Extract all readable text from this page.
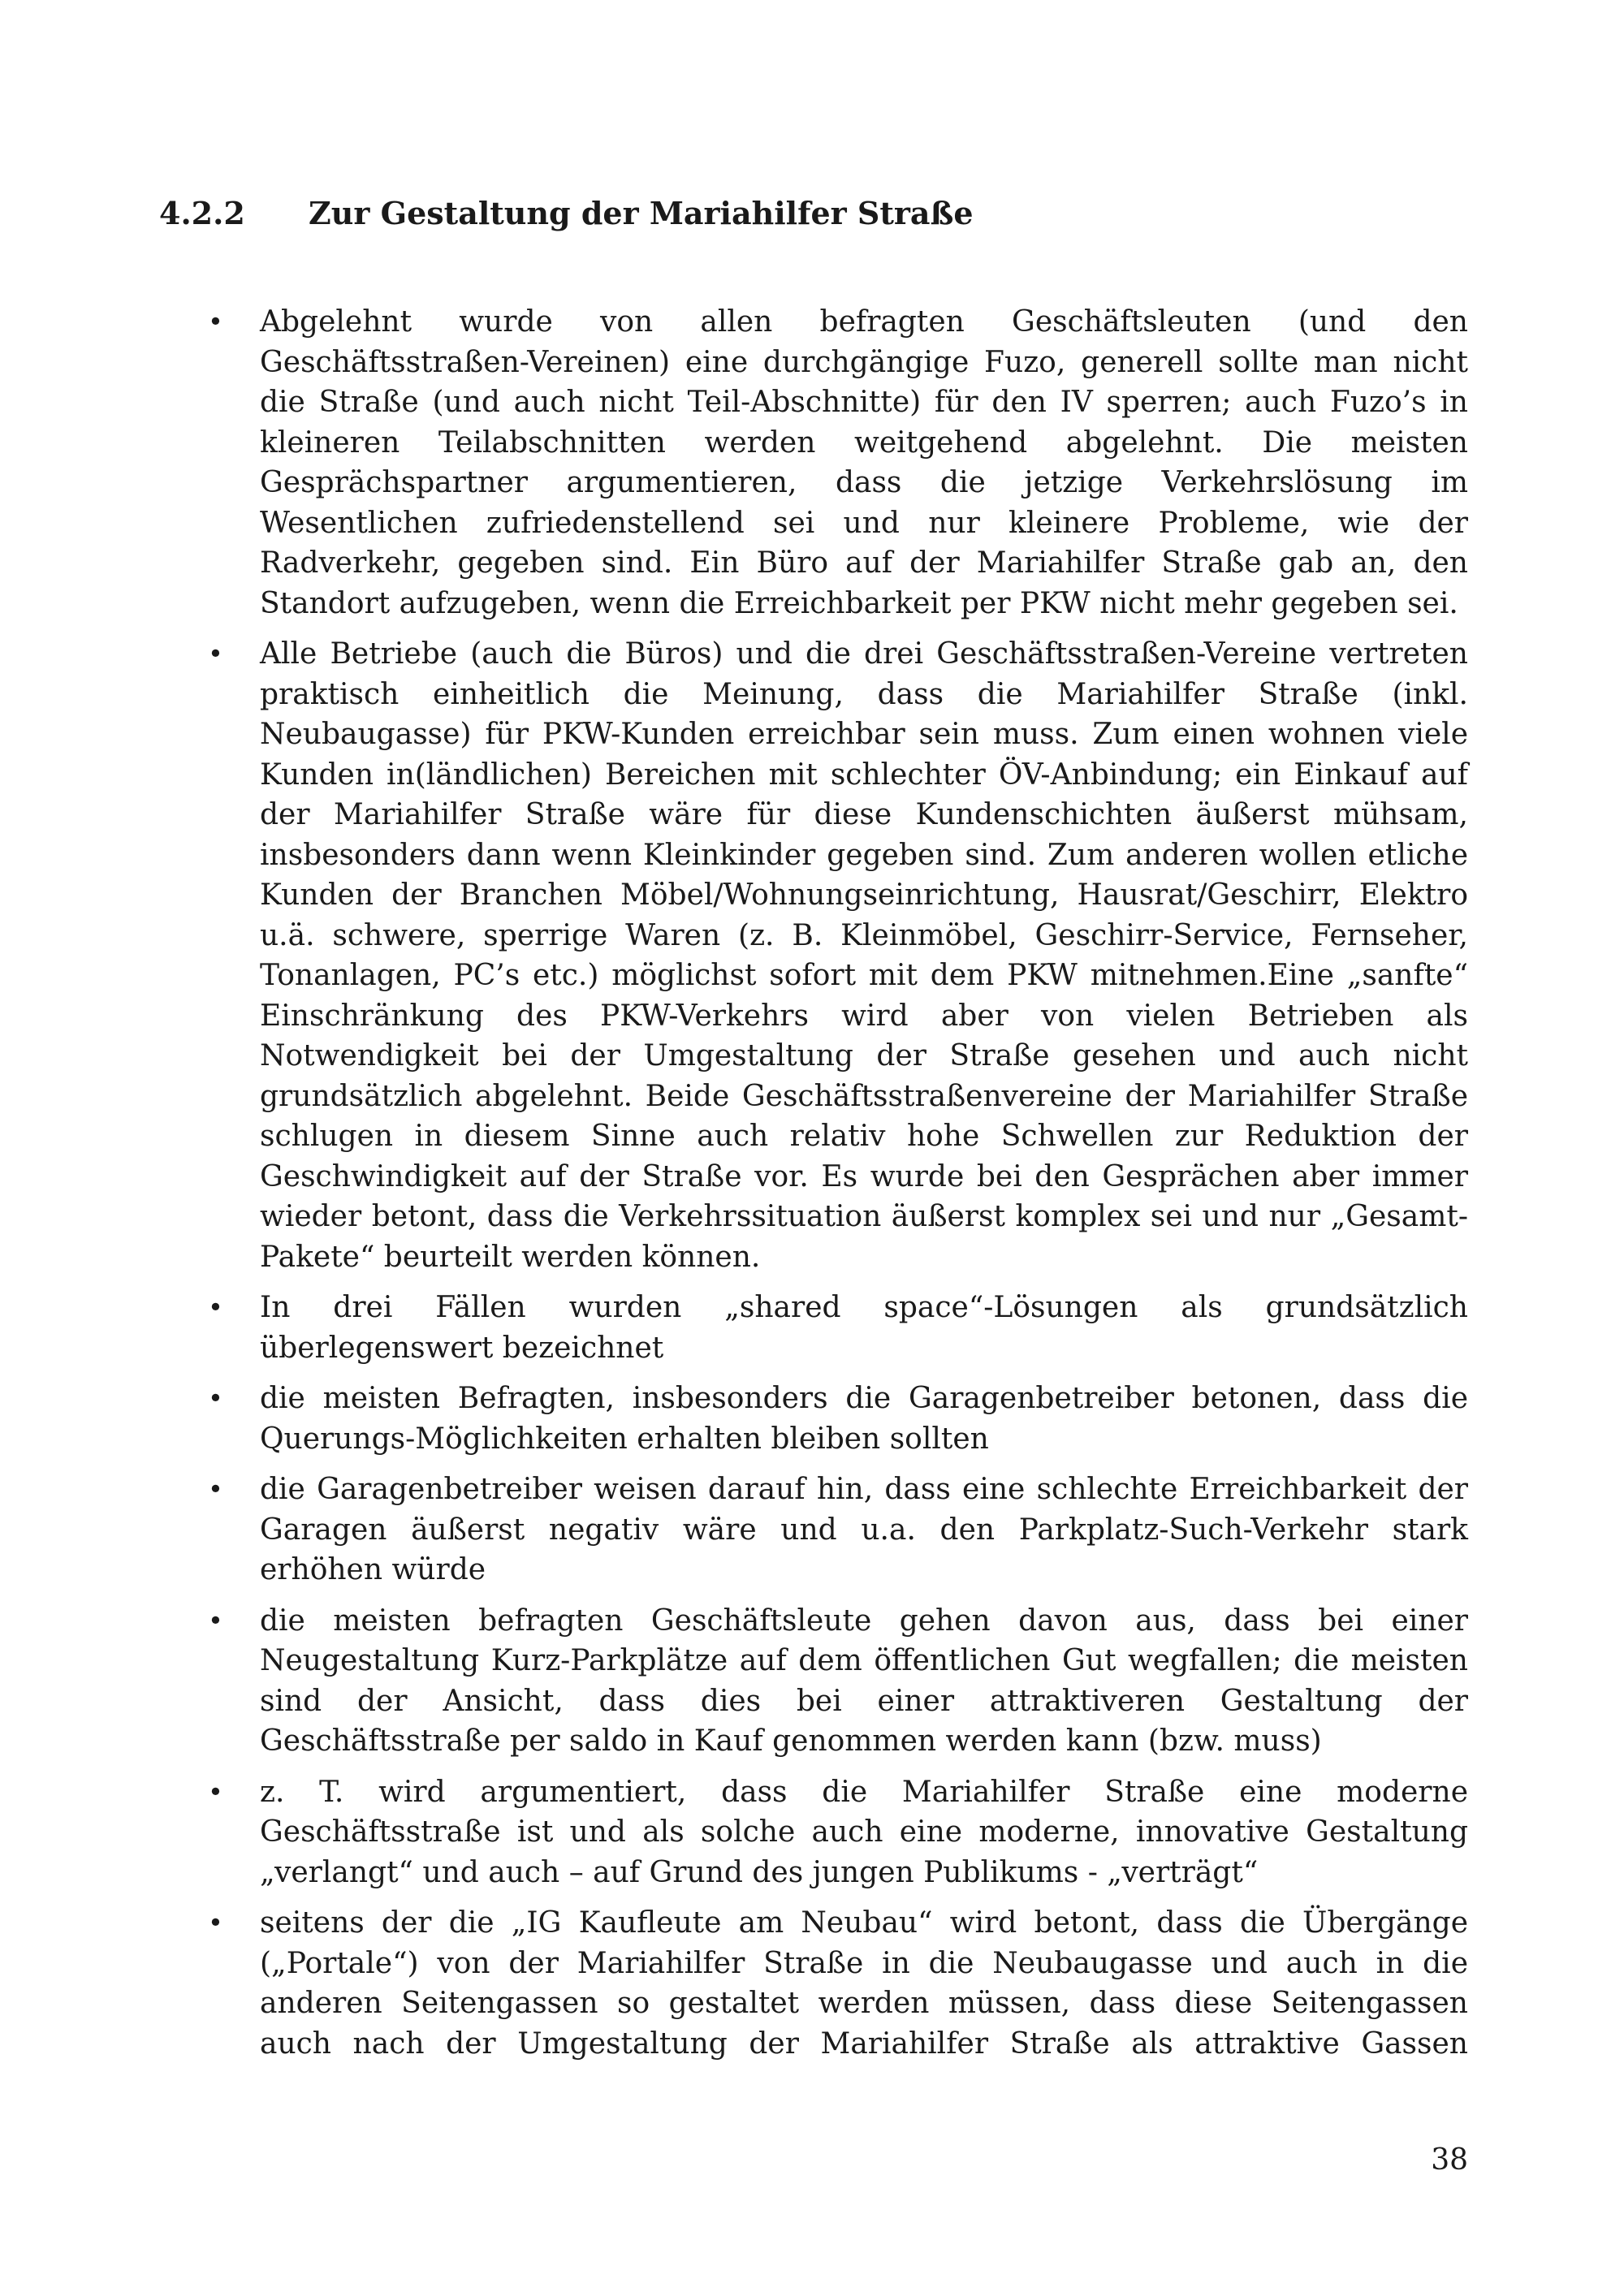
4.2.2	Zur Gestaltung der Mariahilfer Straße
• Abgelehnt wurde von allen befragten Geschäftsleuten (und den Geschäftsstraßen-Vereinen) eine durchgängige Fuzo, generell sollte man nicht die Straße (und auch nicht Teil-Abschnitte) für den IV sperren; auch Fuzo’s in kleineren Teilabschnitten werden weitgehend abgelehnt. Die meisten Gesprächspartner argumentieren, dass die jetzige Verkehrslösung im Wesentlichen zufriedenstellend sei und nur kleinere Probleme, wie der Radverkehr, gegeben sind. Ein Büro auf der Mariahilfer Straße gab an, den Standort aufzugeben, wenn die Erreichbarkeit per PKW nicht mehr gegeben sei.
• Alle Betriebe (auch die Büros) und die drei Geschäftsstraßen-Vereine vertreten praktisch einheitlich die Meinung, dass die Mariahilfer Straße (inkl. Neubaugasse) für PKW-Kunden erreichbar sein muss. Zum einen wohnen viele Kunden in(ländlichen) Bereichen mit schlechter ÖV-Anbindung; ein Einkauf auf der Mariahilfer Straße wäre für diese Kundenschichten äußerst mühsam, insbesonders dann wenn Kleinkinder gegeben sind. Zum anderen wollen etliche Kunden der Branchen Möbel/Wohnungseinrichtung, Hausrat/Geschirr, Elektro u.ä. schwere, sperrige Waren (z. B. Kleinmöbel, Geschirr-Service, Fernseher, Tonanlagen, PC’s etc.) möglichst sofort mit dem PKW mitnehmen.Eine „sanfte“ Einschränkung des PKW-Verkehrs wird aber von vielen Betrieben als Notwendigkeit bei der Umgestaltung der Straße gesehen und auch nicht grundsätzlich abgelehnt. Beide Geschäftsstraßenvereine der Mariahilfer Straße schlugen in diesem Sinne auch relativ hohe Schwellen zur Reduktion der Geschwindigkeit auf der Straße vor. Es wurde bei den Gesprächen aber immer wieder betont, dass die Verkehrssituation äußerst komplex sei und nur „Gesamt-Pakete“ beurteilt werden können.
• In drei Fällen wurden „shared space“-Lösungen als grundsätzlich überlegenswert bezeichnet
• die meisten Befragten, insbesonders die Garagenbetreiber betonen, dass die Querungs-Möglichkeiten erhalten bleiben sollten
• die Garagenbetreiber weisen darauf hin, dass eine schlechte Erreichbarkeit der Garagen äußerst negativ wäre und u.a. den Parkplatz-Such-Verkehr stark erhöhen würde
• die meisten befragten Geschäftsleute gehen davon aus, dass bei einer Neugestaltung Kurz-Parkplätze auf dem öffentlichen Gut wegfallen; die meisten sind der Ansicht, dass dies bei einer attraktiveren Gestaltung der Geschäftsstraße per saldo in Kauf genommen werden kann (bzw. muss)
• z. T. wird argumentiert, dass die Mariahilfer Straße eine moderne Geschäftsstraße ist und als solche auch eine moderne, innovative Gestaltung „verlangt“ und auch – auf Grund des jungen Publikums - „verträgt“
• seitens der die „IG Kaufleute am Neubau“ wird betont, dass die Übergänge („Portale“) von der Mariahilfer Straße in die Neubaugasse und auch in die anderen Seitengassen so gestaltet werden müssen, dass diese Seitengassen auch nach der Umgestaltung der Mariahilfer Straße als attraktive Gassen
38
